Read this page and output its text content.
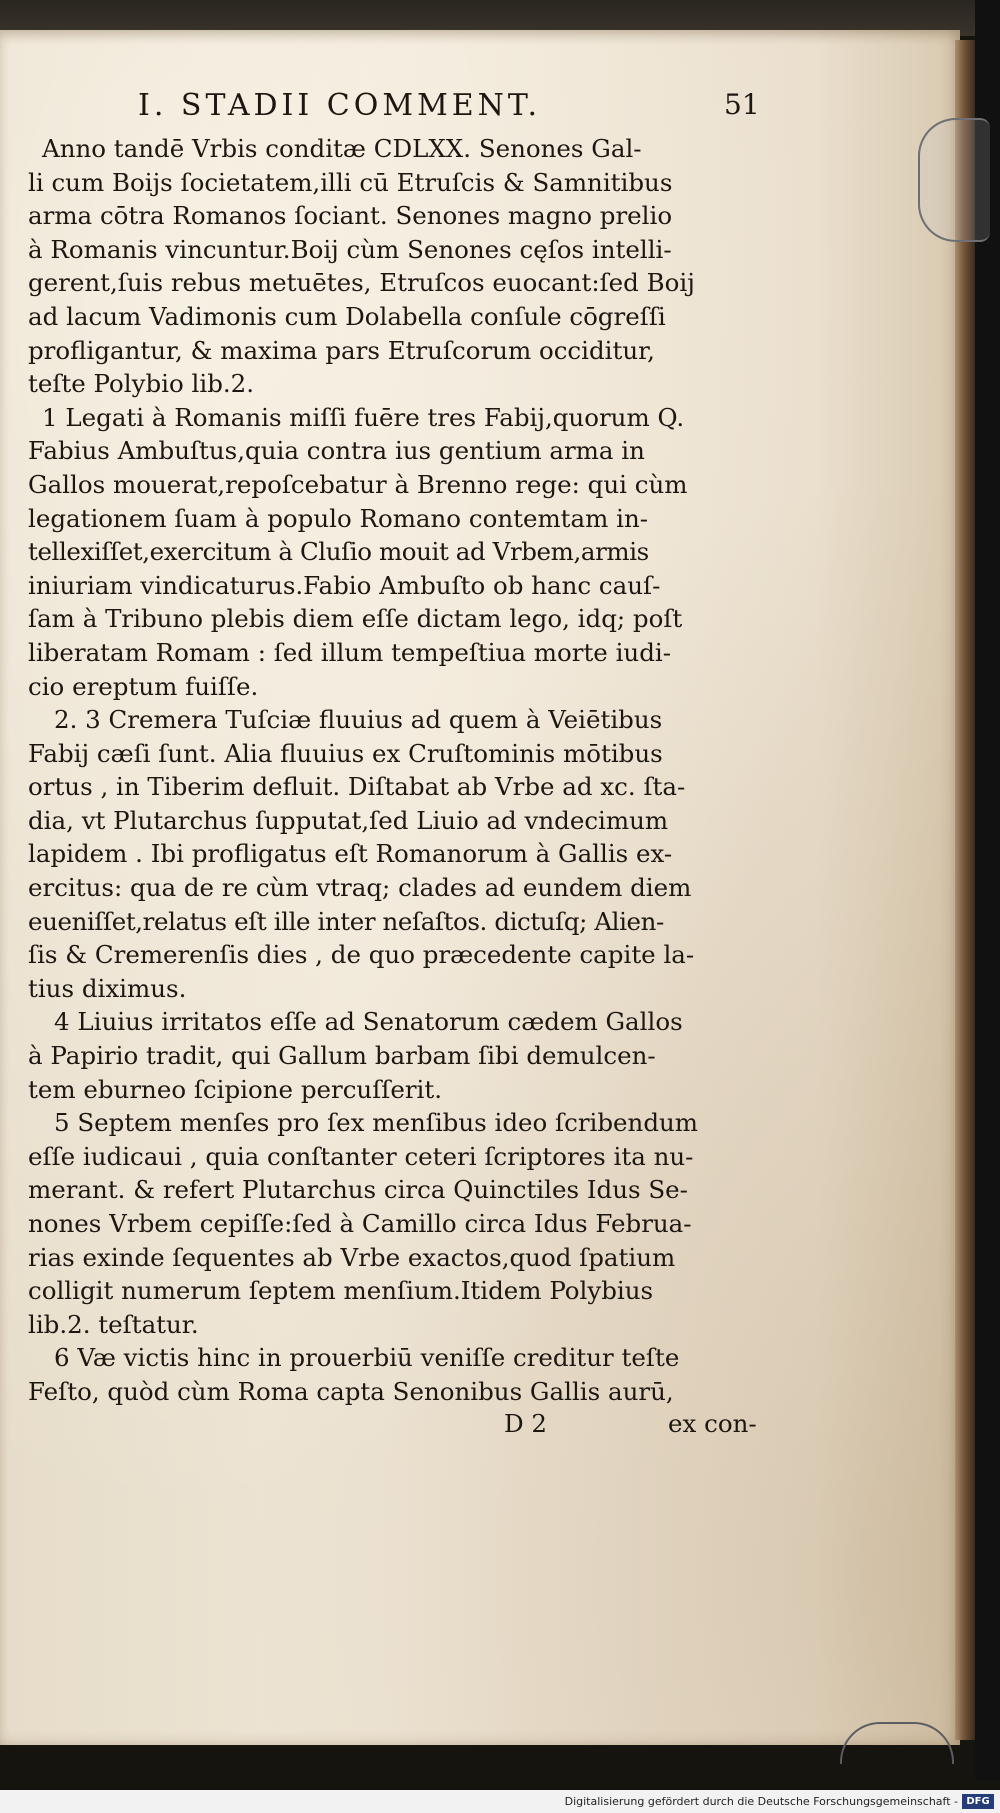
I. STADII COMMENT.	51
Anno tandē Vrbis conditæ CDLXX. Senones Gal-
li cum Boijs ſocietatem,illi cū Etruſcis & Samnitibus
arma cōtra Romanos ſociant. Senones magno prelio
à Romanis vincuntur.Boij cùm Senones cęſos intelli-
gerent,ſuis rebus metuētes, Etruſcos euocant:ſed Boij
ad lacum Vadimonis cum Dolabella conſule cōgreſſi
profligantur, & maxima pars Etruſcorum occiditur,
teſte Polybio lib.2.
1 Legati à Romanis miſſi fuēre tres Fabij,quorum Q.
Fabius Ambuſtus,quia contra ius gentium arma in
Gallos mouerat,repoſcebatur à Brenno rege: qui cùm
legationem ſuam à populo Romano contemtam in-
tellexiſſet,exercitum à Cluſio mouit ad Vrbem,armis
iniuriam vindicaturus.Fabio Ambuſto ob hanc cauſ-
ſam à Tribuno plebis diem eſſe dictam lego, idq; poſt
liberatam Romam : ſed illum tempeſtiua morte iudi-
cio ereptum fuiſſe.
2. 3 Cremera Tuſciæ fluuius ad quem à Veiētibus
Fabij cæſi ſunt. Alia fluuius ex Cruſtominis mōtibus
ortus , in Tiberim defluit. Diſtabat ab Vrbe ad xc. ſta-
dia, vt Plutarchus ſupputat,ſed Liuio ad vndecimum
lapidem . Ibi profligatus eſt Romanorum à Gallis ex-
ercitus: qua de re cùm vtraq; clades ad eundem diem
eueniſſet,relatus eſt ille inter neſaſtos. dictuſq; Alien-
ſis & Cremerenſis dies , de quo præcedente capite la-
tius diximus.
4 Liuius irritatos eſſe ad Senatorum cædem Gallos
à Papirio tradit, qui Gallum barbam ſibi demulcen-
tem eburneo ſcipione percuſſerit.
5 Septem menſes pro ſex menſibus ideo ſcribendum
eſſe iudicaui , quia conſtanter ceteri ſcriptores ita nu-
merant. & refert Plutarchus circa Quinctiles Idus Se-
nones Vrbem cepiſſe:ſed à Camillo circa Idus Februa-
rias exinde ſequentes ab Vrbe exactos,quod ſpatium
colligit numerum ſeptem menſium.Itidem Polybius
lib.2. teſtatur.
6 Væ victis hinc in prouerbiū veniſſe creditur teſte
Feſto, quòd cùm Roma capta Senonibus Gallis aurū,
D 2	ex con-
Digitalisierung gefördert durch die Deutsche Forschungsgemeinschaft - DFG
